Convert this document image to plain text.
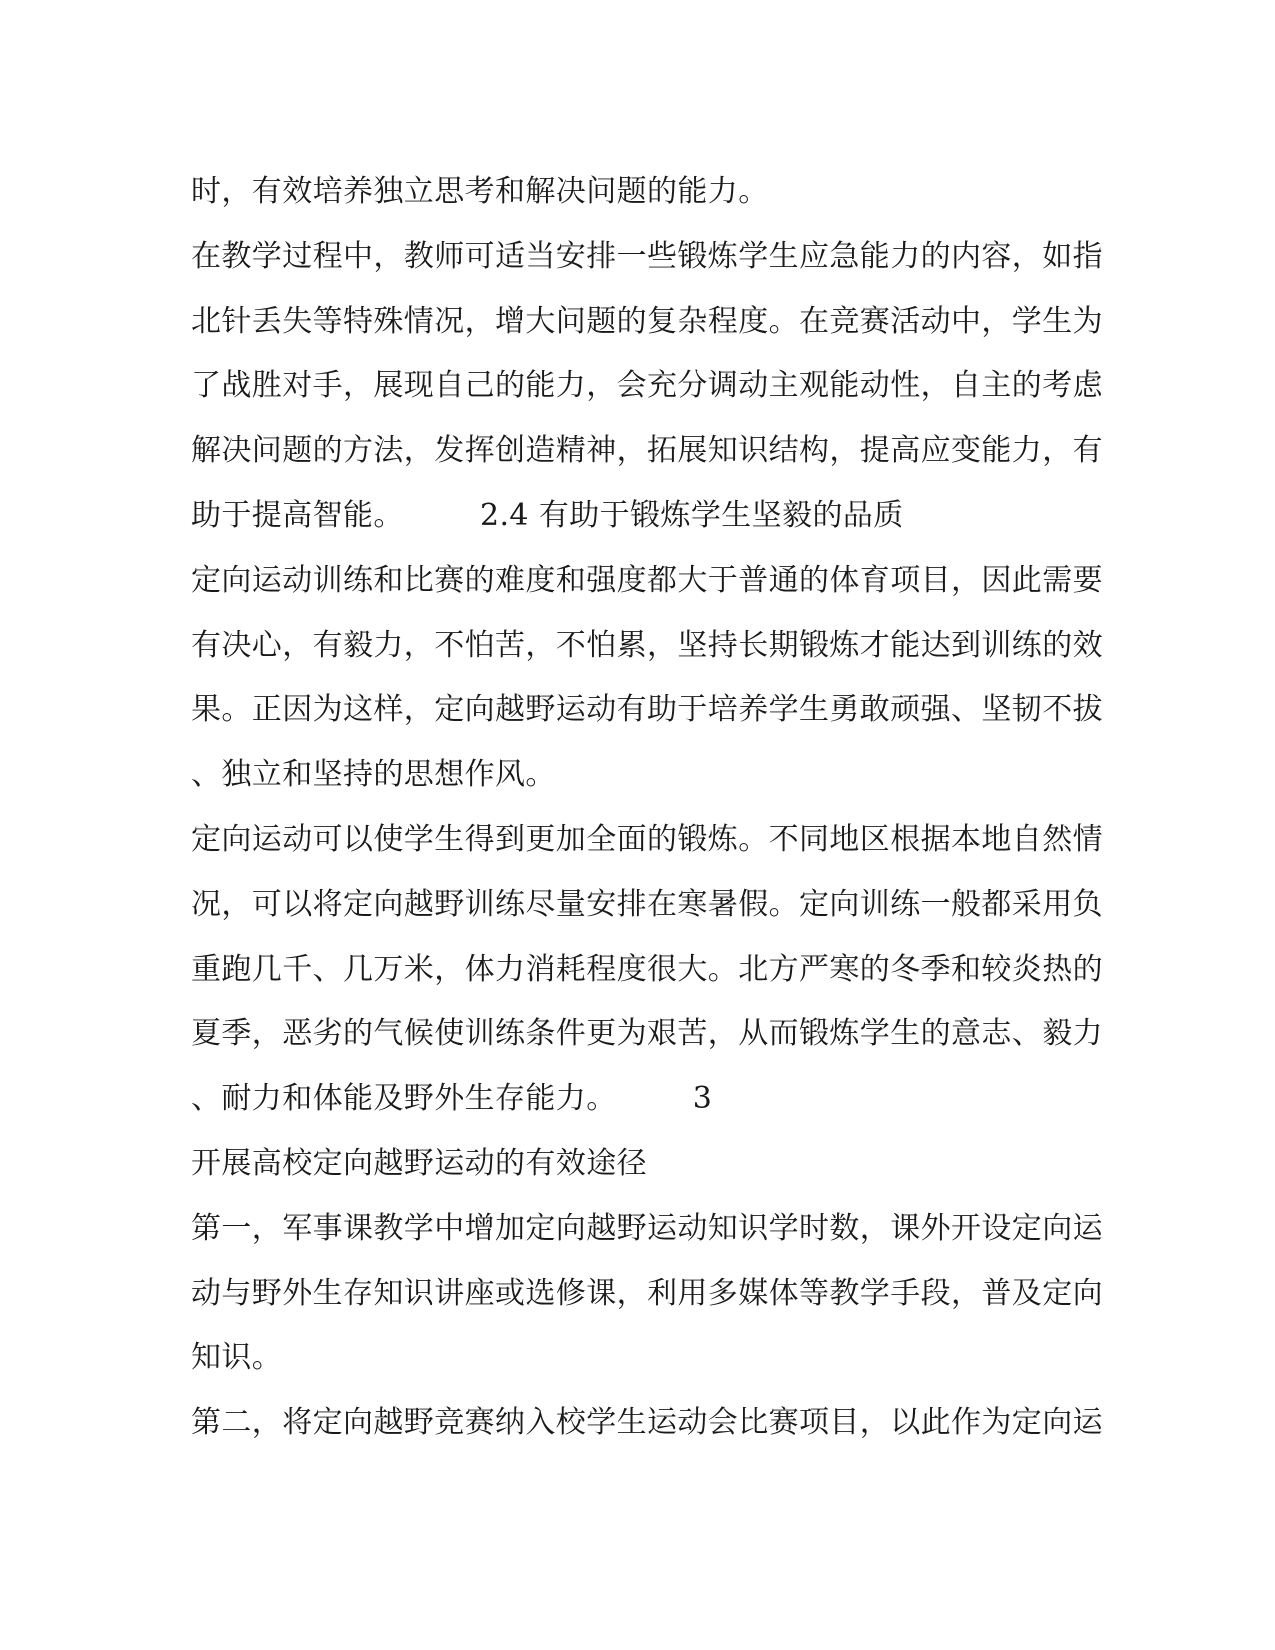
时，有效培养独立思考和解决问题的能力。
在教学过程中，教师可适当安排一些锻炼学生应急能力的内容，如指
北针丢失等特殊情况，增大问题的复杂程度。在竞赛活动中，学生为
了战胜对手，展现自己的能力，会充分调动主观能动性，自主的考虑
解决问题的方法，发挥创造精神，拓展知识结构，提高应变能力，有
助于提高智能。　　　2.4 有助于锻炼学生坚毅的品质
定向运动训练和比赛的难度和强度都大于普通的体育项目，因此需要
有决心，有毅力，不怕苦，不怕累，坚持长期锻炼才能达到训练的效
果。正因为这样，定向越野运动有助于培养学生勇敢顽强、坚韧不拔
、独立和坚持的思想作风。
定向运动可以使学生得到更加全面的锻炼。不同地区根据本地自然情
况，可以将定向越野训练尽量安排在寒暑假。定向训练一般都采用负
重跑几千、几万米，体力消耗程度很大。北方严寒的冬季和较炎热的
夏季，恶劣的气候使训练条件更为艰苦，从而锻炼学生的意志、毅力
、耐力和体能及野外生存能力。　　　3
开展高校定向越野运动的有效途径
第一，军事课教学中增加定向越野运动知识学时数，课外开设定向运
动与野外生存知识讲座或选修课，利用多媒体等教学手段，普及定向
知识。
第二，将定向越野竞赛纳入校学生运动会比赛项目，以此作为定向运
